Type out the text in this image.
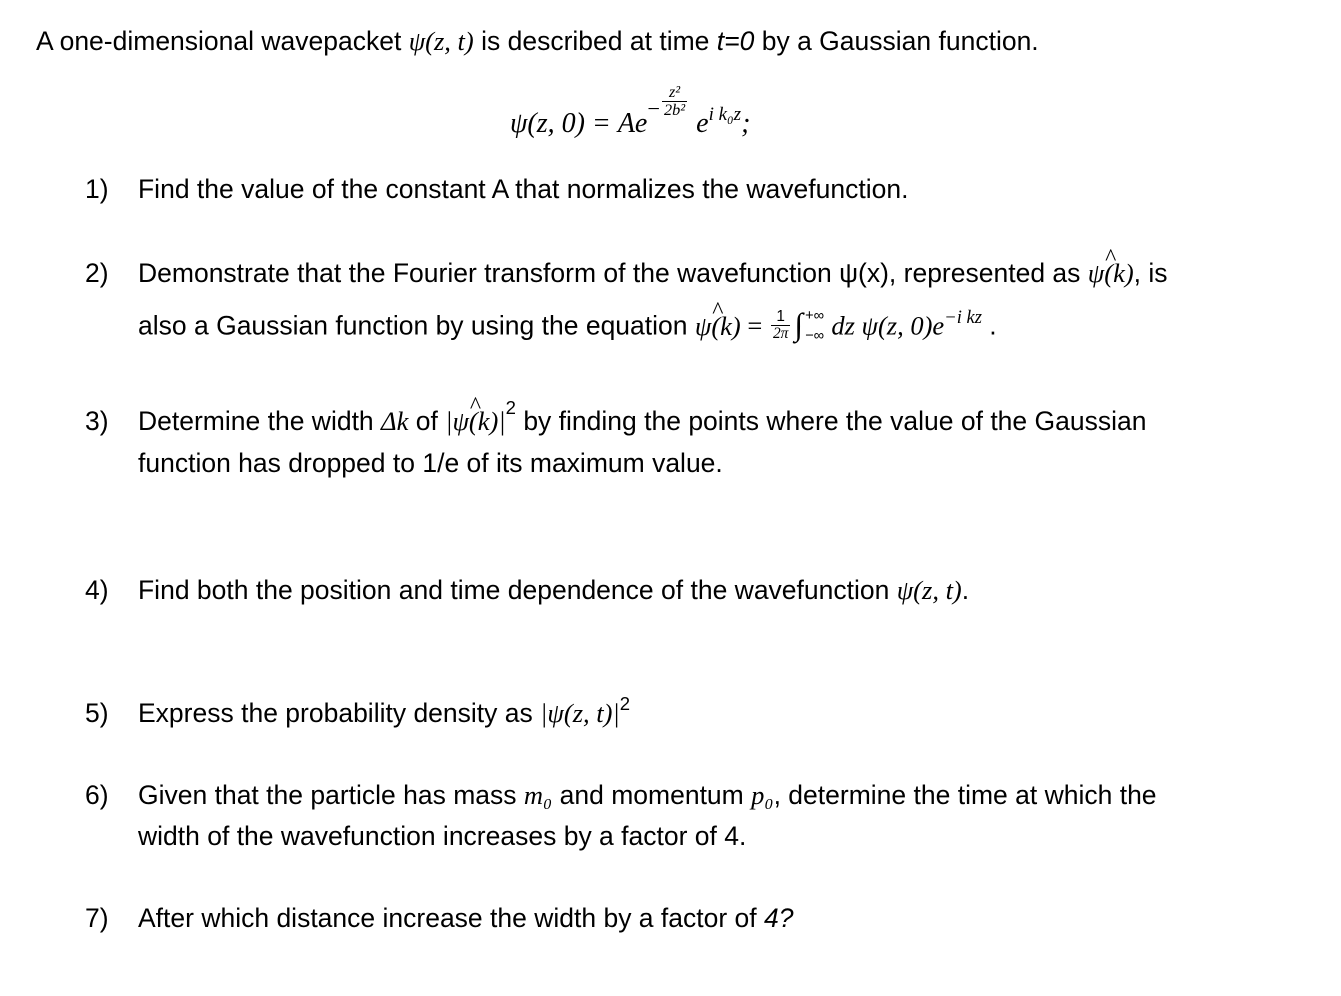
A one-dimensional wavepacket ψ(z, t) is described at time t=0 by a Gaussian function.
ψ(z, $0) = Ae^- \frac{\text{z²}}{\text{2b²}}$
$e^{i k_0z}$;
1) Find the value of the constant A that normalizes the wavefunction.
2) Demonstrate that the Fourier transform of the wavefunction ψ(x), represented as ^ ψ(k), is
also a Gaussian function by using the equation ^ $\psi(k) = \frac{1}{2\pi}$ ∫ +∞
−∞ dz ψ(z, $0)e^{-i kz}$ .
3) Determine the width Δk of ^ $|\psi(k)|^2$ by finding the points where the value of the Gaussian
function has dropped to 1/e of its maximum value.
4) Find both the position and time dependence of the wavefunction ψ(z, t).
5) Express the probability density as |ψ(z, $t)|^2$
6) Given that the particle has mass m₀ and momentum p₀, determine the time at which the
width of the wavefunction increases by a factor of 4.
7) After which distance increase the width by a factor of 4?
